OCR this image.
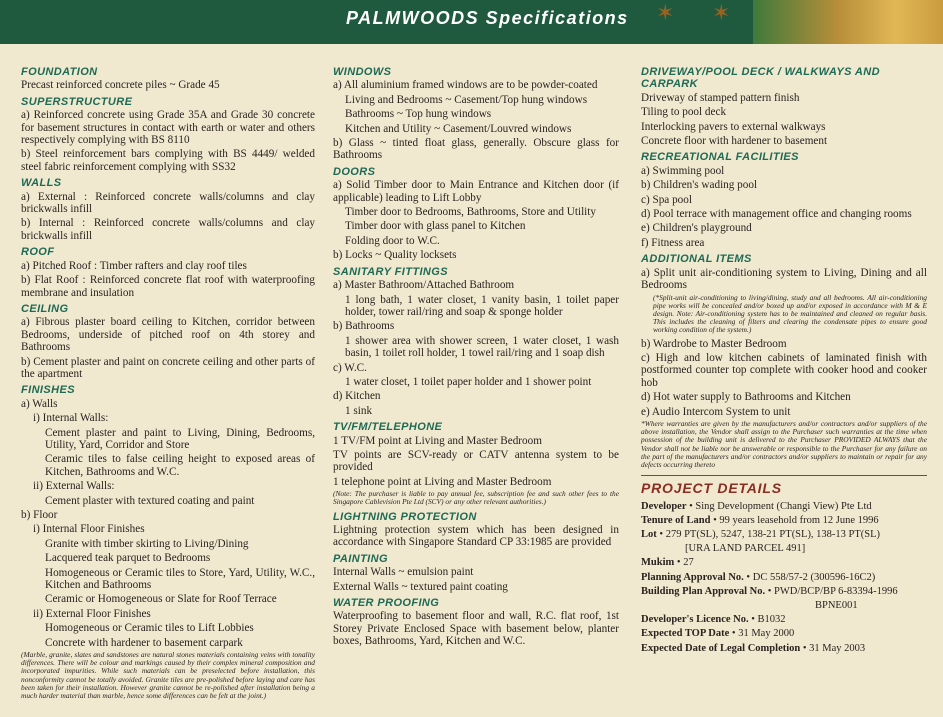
PALMWOODS Specifications ✶ ✶
FOUNDATION
Precast reinforced concrete piles ~ Grade 45
SUPERSTRUCTURE
a) Reinforced concrete using Grade 35A and Grade 30 concrete for basement structures in contact with earth or water and others respectively complying with BS 8110
b) Steel reinforcement bars complying with BS 4449/ welded steel fabric reinforcement complying with SS32
WALLS
a) External : Reinforced concrete walls/columns and clay brickwalls infill
b) Internal : Reinforced concrete walls/columns and clay brickwalls infill
ROOF
a) Pitched Roof : Timber rafters and clay roof tiles
b) Flat Roof : Reinforced concrete flat roof with waterproofing membrane and insulation
CEILING
a) Fibrous plaster board ceiling to Kitchen, corridor between Bedrooms, underside of pitched roof on 4th storey and Bathrooms
b) Cement plaster and paint on concrete ceiling and other parts of the apartment
FINISHES
a) Walls
i) Internal Walls:
Cement plaster and paint to Living, Dining, Bedrooms, Utility, Yard, Corridor and Store
Ceramic tiles to false ceiling height to exposed areas of Kitchen, Bathrooms and W.C.
ii) External Walls:
Cement plaster with textured coating and paint
b) Floor
i) Internal Floor Finishes
Granite with timber skirting to Living/Dining
Lacquered teak parquet to Bedrooms
Homogeneous or Ceramic tiles to Store, Yard, Utility, W.C., Kitchen and Bathrooms
Ceramic or Homogeneous or Slate for Roof Terrace
ii) External Floor Finishes
Homogeneous or Ceramic tiles to Lift Lobbies
Concrete with hardener to basement carpark
(Marble, granite, slates and sandstones are natural stones materials containing veins with tonality differences. There will be colour and markings caused by their complex mineral composition and incorporated impurities. While such materials can be preselected before installation, this nonconformity cannot be totally avoided. Granite tiles are pre-polished before laying and care has been taken for their installation. However granite cannot be re-polished after installation being a much harder material than marble, hence some differences can be felt at the joint.)
WINDOWS
a) All aluminium framed windows are to be powder-coated
Living and Bedrooms ~ Casement/Top hung windows
Bathrooms ~ Top hung windows
Kitchen and Utility ~ Casement/Louvred windows
b) Glass ~ tinted float glass, generally. Obscure glass for Bathrooms
DOORS
a) Solid Timber door to Main Entrance and Kitchen door (if applicable) leading to Lift Lobby
Timber door to Bedrooms, Bathrooms, Store and Utility
Timber door with glass panel to Kitchen
Folding door to W.C.
b) Locks ~ Quality locksets
SANITARY FITTINGS
a) Master Bathroom/Attached Bathroom
1 long bath, 1 water closet, 1 vanity basin, 1 toilet paper holder, tower rail/ring and soap & sponge holder
b) Bathrooms
1 shower area with shower screen, 1 water closet, 1 wash basin, 1 toilet roll holder, 1 towel rail/ring and 1 soap dish
c) W.C.
1 water closet, 1 toilet paper holder and 1 shower point
d) Kitchen
1 sink
TV/FM/TELEPHONE
1 TV/FM point at Living and Master Bedroom
TV points are SCV-ready or CATV antenna system to be provided
1 telephone point at Living and Master Bedroom
(Note: The purchaser is liable to pay annual fee, subscription fee and such other fees to the Singapore Cablevision Pte Ltd (SCV) or any other relevant authorities.)
LIGHTNING PROTECTION
Lightning protection system which has been designed in accordance with Singapore Standard CP 33:1985 are provided
PAINTING
Internal Walls ~ emulsion paint
External Walls ~ textured paint coating
WATER PROOFING
Waterproofing to basement floor and wall, R.C. flat roof, 1st Storey Private Enclosed Space with basement below, planter boxes, Bathrooms, Yard, Kitchen and W.C.
DRIVEWAY/POOL DECK / WALKWAYS AND CARPARK
Driveway of stamped pattern finish
Tiling to pool deck
Interlocking pavers to external walkways
Concrete floor with hardener to basement
RECREATIONAL FACILITIES
a) Swimming pool
b) Children's wading pool
c) Spa pool
d) Pool terrace with management office and changing rooms
e) Children's playground
f) Fitness area
ADDITIONAL ITEMS
a) Split unit air-conditioning system to Living, Dining and all Bedrooms
(*Split-unit air-conditioning to living/dining, study and all bedrooms. All air-conditioning pipe works will be concealed and/or boxed up and/or exposed in accordance with M & E design. Note: Air-conditioning system has to be maintained and cleaned on regular basis. This includes the cleaning of filters and clearing the condensate pipes to ensure good working condition of the system.)
b) Wardrobe to Master Bedroom
c) High and low kitchen cabinets of laminated finish with postformed counter top complete with cooker hood and cooker hob
d) Hot water supply to Bathrooms and Kitchen
e) Audio Intercom System to unit
*Where warranties are given by the manufacturers and/or contractors and/or suppliers of the above installation, the Vendor shall assign to the Purchaser such warranties at the time when possession of the building unit is delivered to the Purchaser PROVIDED ALWAYS that the Vendor shall not be liable nor be answerable or responsible to the Purchaser for any failure on the part of the manufacturers and/or contractors and/or suppliers to maintain or repair for any defects occurring thereto
PROJECT DETAILS
Developer • Sing Development (Changi View) Pte Ltd
Tenure of Land • 99 years leasehold from 12 June 1996
Lot • 279 PT(SL), 5247, 138-21 PT(SL), 138-13 PT(SL)
[URA LAND PARCEL 491]
Mukim • 27
Planning Approval No. • DC 558/57-2 (300596-16C2)
Building Plan Approval No. • PWD/BCP/BP 6-83394-1996
BPNE001
Developer's Licence No. • B1032
Expected TOP Date • 31 May 2000
Expected Date of Legal Completion • 31 May 2003
